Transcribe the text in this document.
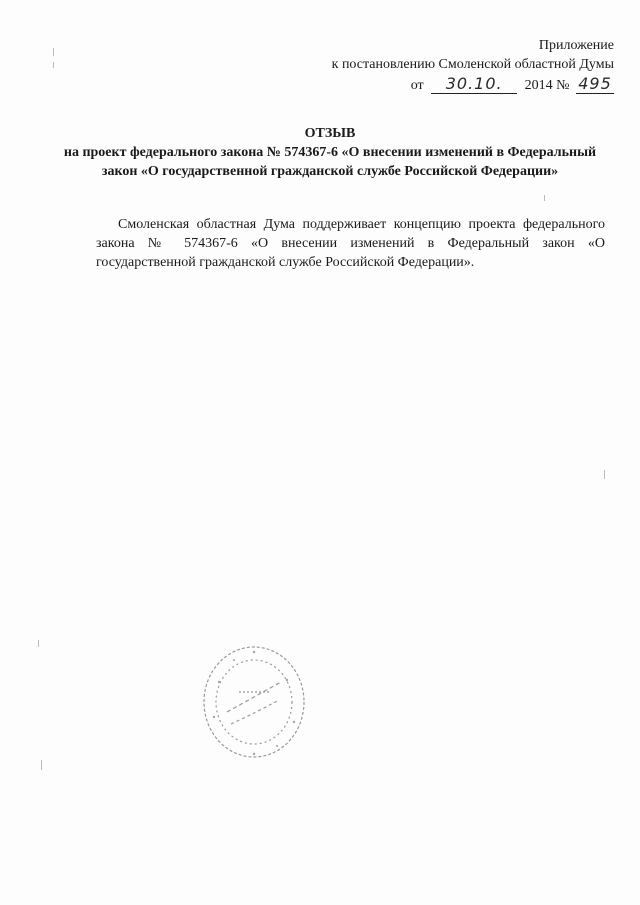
Приложение
к постановлению Смоленской областной Думы
от 30.10. 2014 № 495
ОТЗЫВ
на проект федерального закона № 574367-6 «О внесении изменений в Федеральный закон «О государственной гражданской службе Российской Федерации»

Смоленская областная Дума поддерживает концепцию проекта федерального закона № 574367-6 «О внесении изменений в Федеральный закон «О государственной гражданской службе Российской Федерации».
